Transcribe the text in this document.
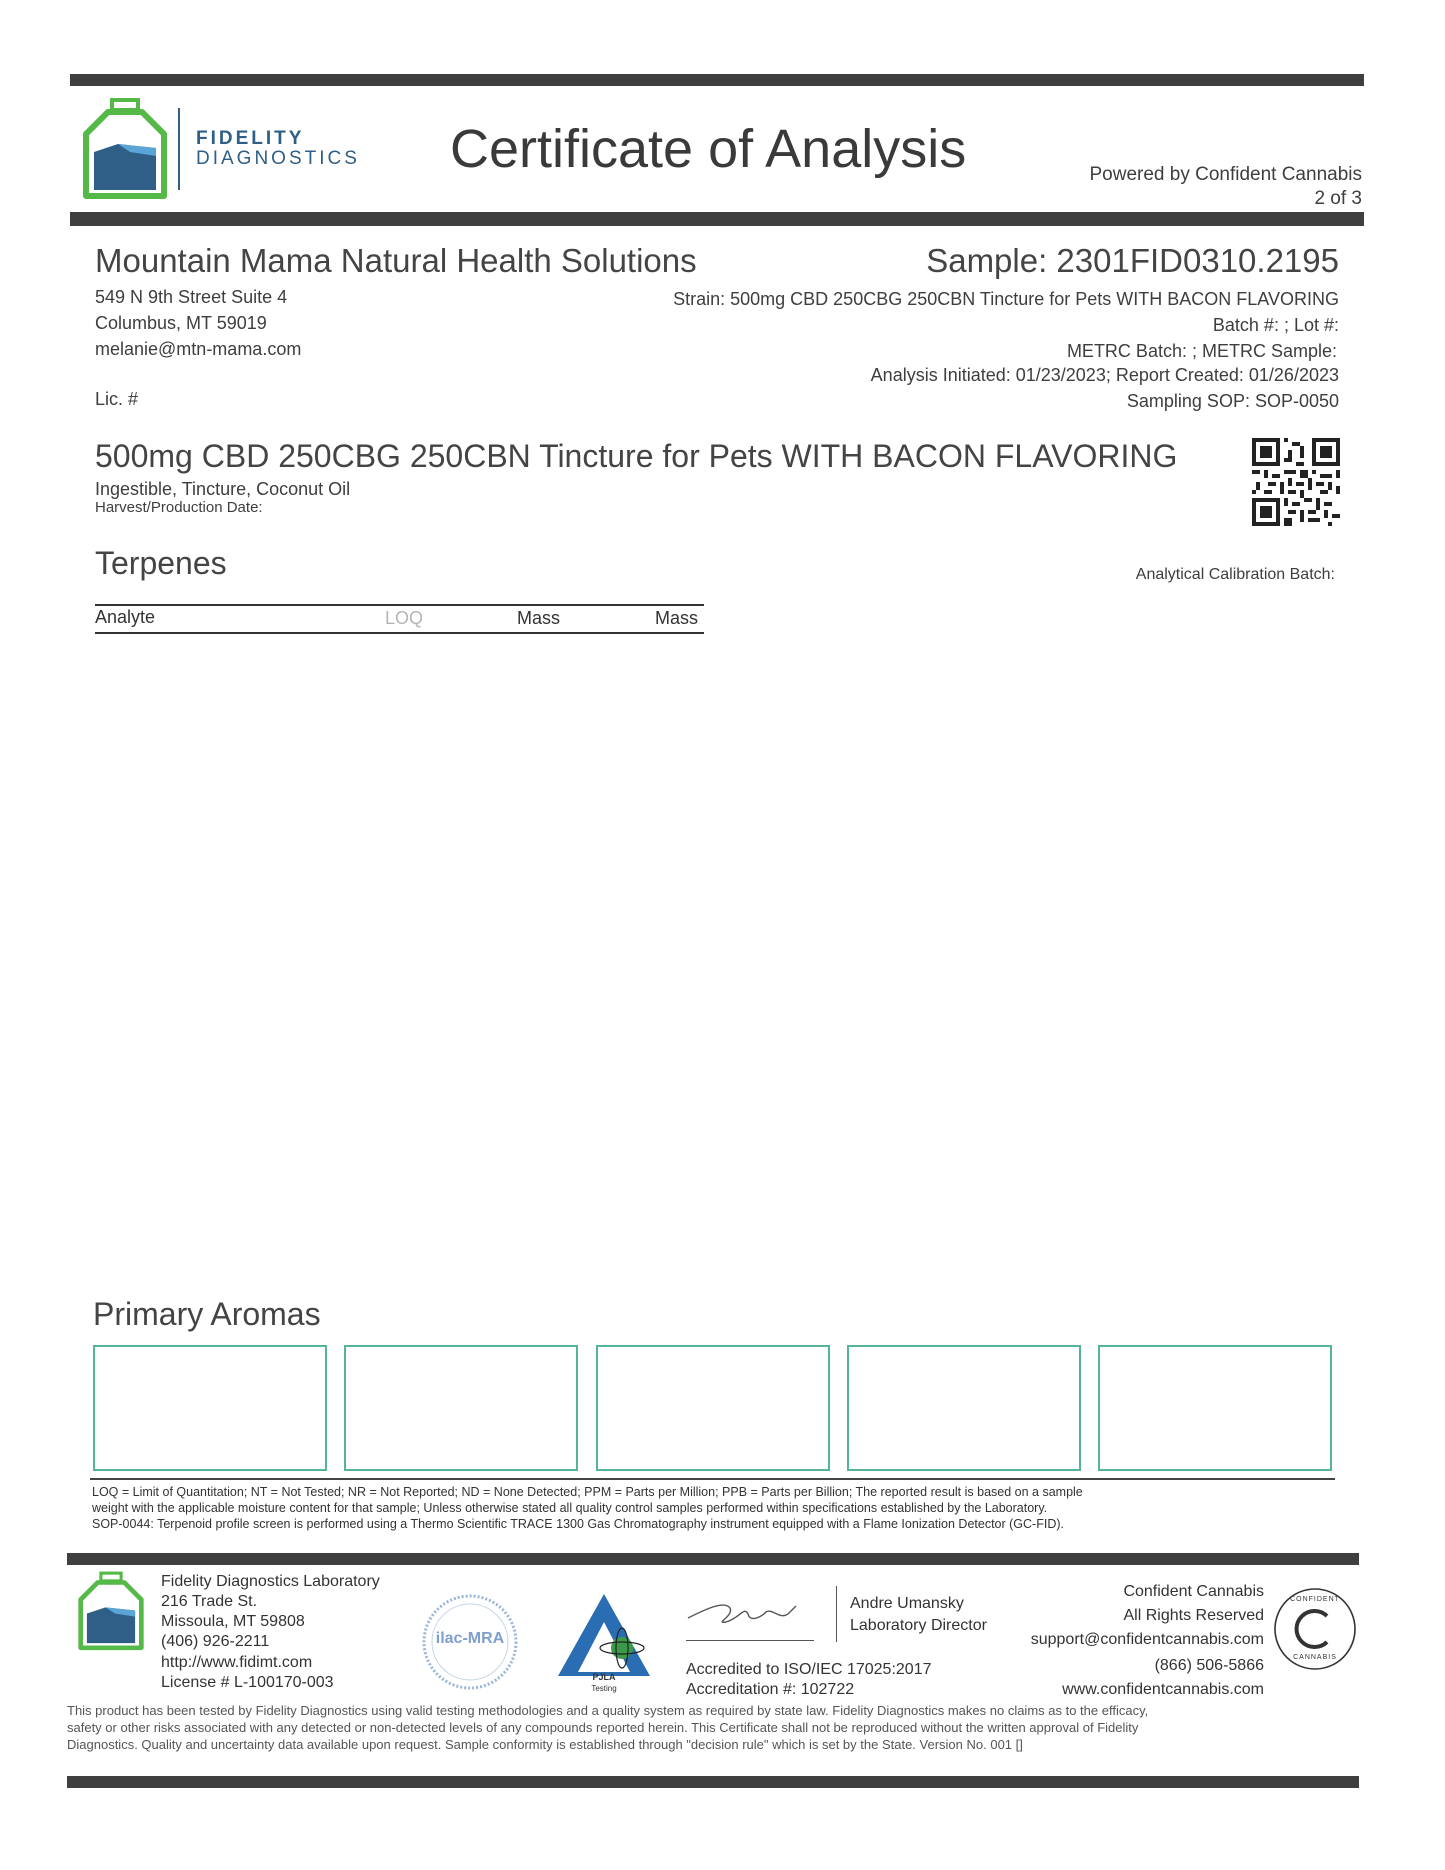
FIDELITY
DIAGNOSTICS Certificate of Analysis	Powered by Confident Cannabis
2 of 3
Mountain Mama Natural Health Solutions
549 N 9th Street Suite 4
Columbus, MT 59019
melanie@mtn-mama.com
Lic. #
Sample: 2301FID0310.2195
Strain: 500mg CBD 250CBG 250CBN Tincture for Pets WITH BACON FLAVORING
Batch #: ; Lot #:
METRC Batch: ; METRC Sample:
Analysis Initiated: 01/23/2023; Report Created: 01/26/2023
Sampling SOP: SOP-0050
500mg CBD 250CBG 250CBN Tincture for Pets WITH BACON FLAVORING
Ingestible, Tincture, Coconut Oil
Harvest/Production Date:
Terpenes	Analytical Calibration Batch:
Analyte	LOQ	Mass	Mass
Primary Aromas
LOQ = Limit of Quantitation; NT = Not Tested; NR = Not Reported; ND = None Detected; PPM = Parts per Million; PPB = Parts per Billion; The reported result is based on a sample
weight with the applicable moisture content for that sample; Unless otherwise stated all quality control samples performed within specifications established by the Laboratory.
SOP-0044: Terpenoid profile screen is performed using a Thermo Scientific TRACE 1300 Gas Chromatography instrument equipped with a Flame Ionization Detector (GC-FID).
Fidelity Diagnostics Laboratory
216 Trade St.
Missoula, MT 59808
(406) 926-2211
http://www.fidimt.com
License # L-100170-003
ilac-MRA
PJLA
Testing
Andre Umansky
Laboratory Director
Accredited to ISO/IEC 17025:2017
Accreditation #: 102722
Confident Cannabis
All Rights Reserved
support@confidentcannabis.com
(866) 506-5866
www.confidentcannabis.com
CONFIDENT
CANNABIS
This product has been tested by Fidelity Diagnostics using valid testing methodologies and a quality system as required by state law. Fidelity Diagnostics makes no claims as to the efficacy,
safety or other risks associated with any detected or non-detected levels of any compounds reported herein. This Certificate shall not be reproduced without the written approval of Fidelity
Diagnostics. Quality and uncertainty data available upon request. Sample conformity is established through "decision rule" which is set by the State. Version No. 001 []
